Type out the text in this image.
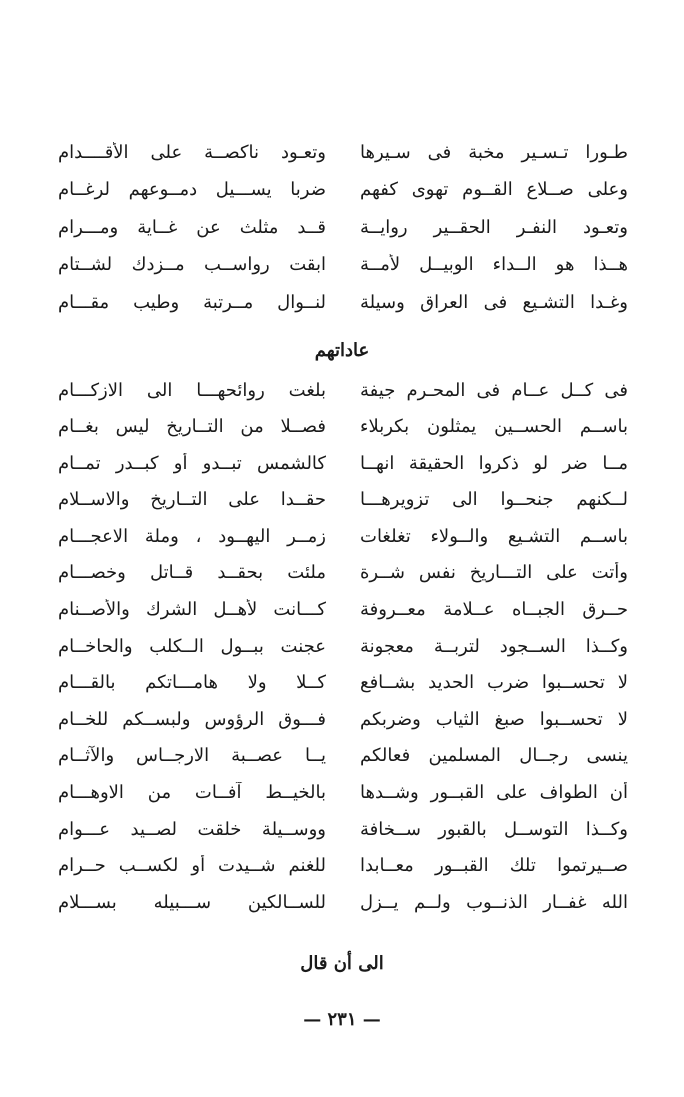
طـورا تـسـير مخبة فى سـيرها
وتعـود ناكصــة على الأقــــدام
وعلى صــلاع القــوم تهوى كفهم
ضربا يســـيل دمــوعهم لرغــام
وتعـود النفـر الحقــير روايــة
قــد مثلث عن غــاية ومـــرام
هــذا هو الــداء الوبيــل لأمــة
ابقت رواســب مــزدك لشــتام
وغـدا التشـيع فى العراق وسيلة
لنــوال مــرتبة وطيب مقـــام
عاداتهم
فى كــل عــام فى المحـرم جيفة
بلغت روائحهـــا الى الازكـــام
باســم الحســين يمثلون بكربلاء
فصــلا من التــاريخ ليس بغــام
مــا ضر لو ذكروا الحقيقة انهــا
كالشمس تبــدو أو كبــدر تمــام
لــكنهم جنحــوا الى تزويرهـــا
حقــدا على التــاريخ والاســلام
باســم التشـيع والــولاء تغلغات
زمــر اليهــود ، وملة الاعجـــام
وأتت على التـــاريخ نفس شــرة
ملئت بحقــد قــاتل وخصـــام
حــرق الجبــاه عــلامة معــروفة
كـــانت لأهــل الشرك والأصــنام
وكــذا الســجود لتربــة معجونة
عجنت ببــول الــكلب والحاخــام
لا تحســبوا ضرب الحديد بشــافع
كــلا ولا هامـــاتكم بالقـــام
لا تحســبوا صبغ الثياب وضربكم
فـــوق الرؤوس ولبســكم للخــام
ينسى رجــال المسلمين فعالكم
يــا عصــبة الارجــاس والآثــام
أن الطواف على القبــور وشــدها
بالخيــط آفــات من الاوهـــام
وكــذا التوســل بالقبور ســخافة
ووســيلة خلقت لصــيد عـــوام
صــيرتموا تلك القبــور معــابدا
للغنم شــيدت أو لكســب حــرام
الله غفــار الذنــوب ولــم يــزل
للســالكين ســـبيله بســـلام
الى أن قال
— ٢٣١ —
